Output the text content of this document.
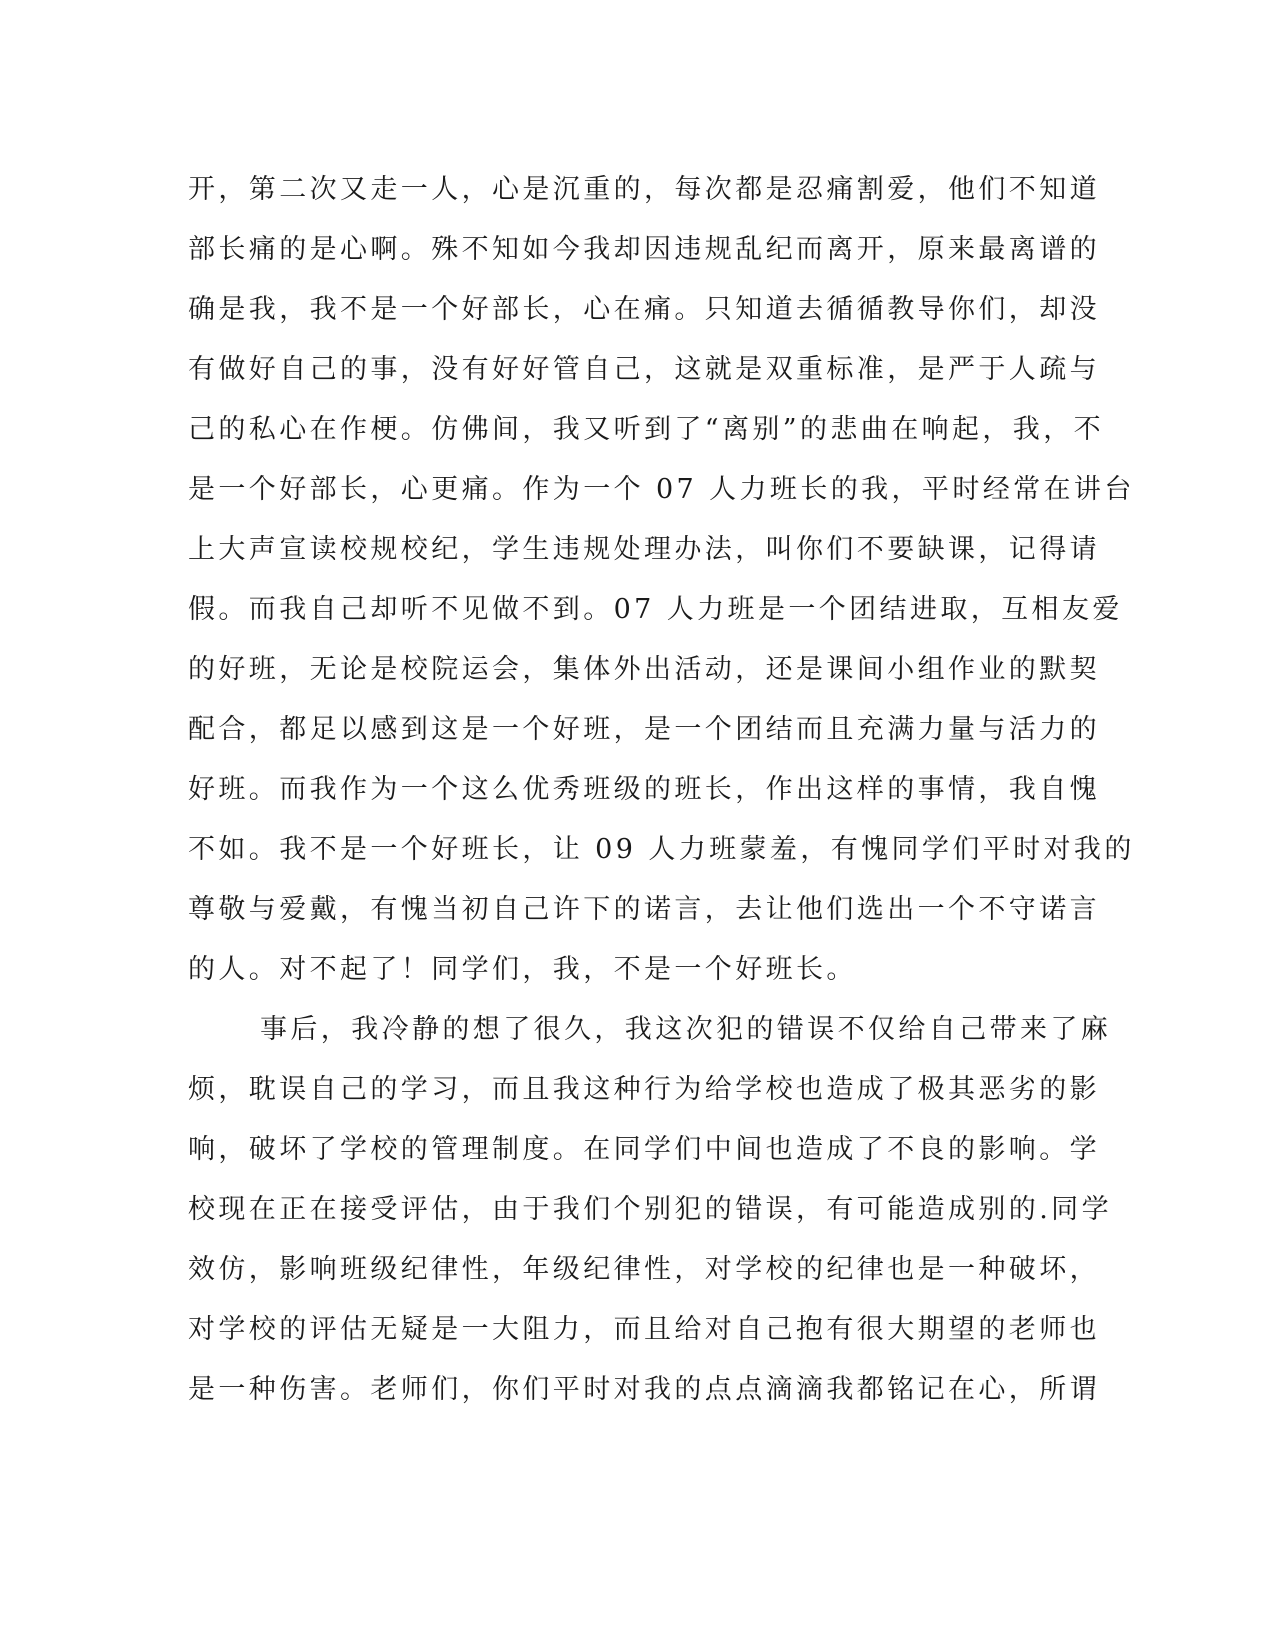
开，第二次又走一人，心是沉重的，每次都是忍痛割爱，他们不知道
部长痛的是心啊。殊不知如今我却因违规乱纪而离开，原来最离谱的
确是我，我不是一个好部长，心在痛。只知道去循循教导你们，却没
有做好自己的事，没有好好管自己，这就是双重标准，是严于人疏与
己的私心在作梗。仿佛间，我又听到了“离别”的悲曲在响起，我，不
是一个好部长，心更痛。作为一个 07 人力班长的我，平时经常在讲台
上大声宣读校规校纪，学生违规处理办法，叫你们不要缺课，记得请
假。而我自己却听不见做不到。07 人力班是一个团结进取，互相友爱
的好班，无论是校院运会，集体外出活动，还是课间小组作业的默契
配合，都足以感到这是一个好班，是一个团结而且充满力量与活力的
好班。而我作为一个这么优秀班级的班长，作出这样的事情，我自愧
不如。我不是一个好班长，让 09 人力班蒙羞，有愧同学们平时对我的
尊敬与爱戴，有愧当初自己许下的诺言，去让他们选出一个不守诺言
的人。对不起了！同学们，我，不是一个好班长。
事后，我冷静的想了很久，我这次犯的错误不仅给自己带来了麻
烦，耽误自己的学习，而且我这种行为给学校也造成了极其恶劣的影
响，破坏了学校的管理制度。在同学们中间也造成了不良的影响。学
校现在正在接受评估，由于我们个别犯的错误，有可能造成别的.同学
效仿，影响班级纪律性，年级纪律性，对学校的纪律也是一种破坏，
对学校的评估无疑是一大阻力，而且给对自己抱有很大期望的老师也
是一种伤害。老师们，你们平时对我的点点滴滴我都铭记在心，所谓
